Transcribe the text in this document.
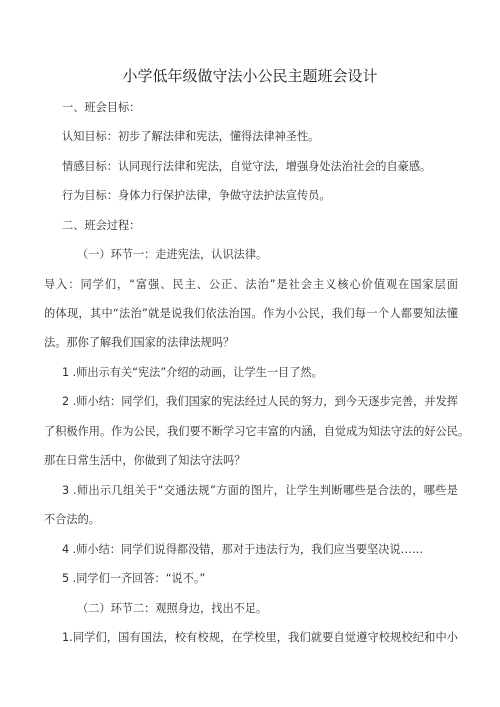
小学低年级做守法小公民主题班会设计
一、班会目标：
认知目标：初步了解法律和宪法，懂得法律神圣性。
情感目标：认同现行法律和宪法，自觉守法，增强身处法治社会的自豪感。
行为目标：身体力行保护法律，争做守法护法宣传员。
二、班会过程：
（一）环节一：走进宪法，认识法律。
导入：同学们，“富强、民主、公正、法治”是社会主义核心价值观在国家层面
的体现，其中“法治”就是说我们依法治国。作为小公民，我们每一个人都要知法懂
法。那你了解我们国家的法律法规吗？
1 .师出示有关“宪法”介绍的动画，让学生一目了然。
2 .师小结：同学们，我们国家的宪法经过人民的努力，到今天逐步完善，并发挥
了积极作用。作为公民，我们要不断学习它丰富的内涵，自觉成为知法守法的好公民。
那在日常生活中，你做到了知法守法吗？
3 .师出示几组关于“交通法规”方面的图片，让学生判断哪些是合法的，哪些是
不合法的。
4 .师小结：同学们说得都没错，那对于违法行为，我们应当要坚决说……
5 .同学们一齐回答：“说不。”
（二）环节二：观照身边，找出不足。
1.同学们，国有国法，校有校规，在学校里，我们就要自觉遵守校规校纪和中小
